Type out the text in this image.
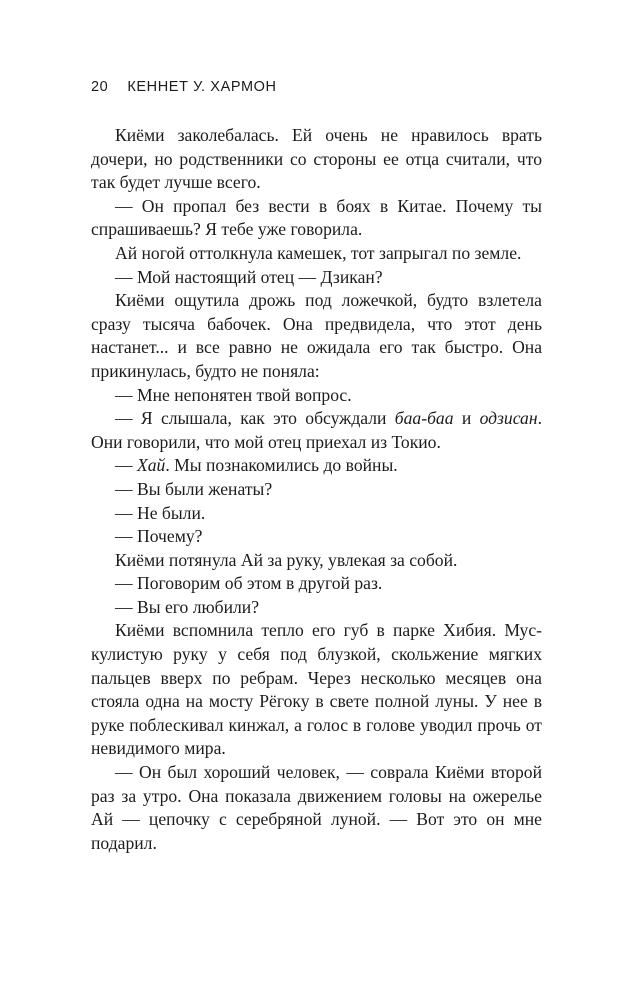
20 КЕННЕТ У. ХАРМОН

Киёми заколебалась. Ей очень не нравилось врать дочери, но родственники со стороны ее отца считали, что так будет лучше всего.

— Он пропал без вести в боях в Китае. Почему ты спрашиваешь? Я тебе уже говорила.

Ай ногой оттолкнула камешек, тот запрыгал по земле.

— Мой настоящий отец — Дзикан?

Киёми ощутила дрожь под ложечкой, будто взлетела сразу тысяча бабочек. Она предвидела, что этот день настанет... и все равно не ожидала его так быстро. Она прикинулась, будто не поняла:

— Мне непонятен твой вопрос.

— Я слышала, как это обсуждали баа-баа и одзисан. Они говорили, что мой отец приехал из Токио.

— Хай. Мы познакомились до войны.

— Вы были женаты?

— Не были.

— Почему?

Киёми потянула Ай за руку, увлекая за собой.

— Поговорим об этом в другой раз.

— Вы его любили?

Киёми вспомнила тепло его губ в парке Хибия. Мускулистую руку у себя под блузкой, скольжение мягких пальцев вверх по ребрам. Через несколько месяцев она стояла одна на мосту Рёгоку в свете полной луны. У нее в руке поблескивал кинжал, а голос в голове уводил прочь от невидимого мира.

— Он был хороший человек, — соврала Киёми второй раз за утро. Она показала движением головы на ожерелье Ай — цепочку с серебряной луной. — Вот это он мне подарил.
